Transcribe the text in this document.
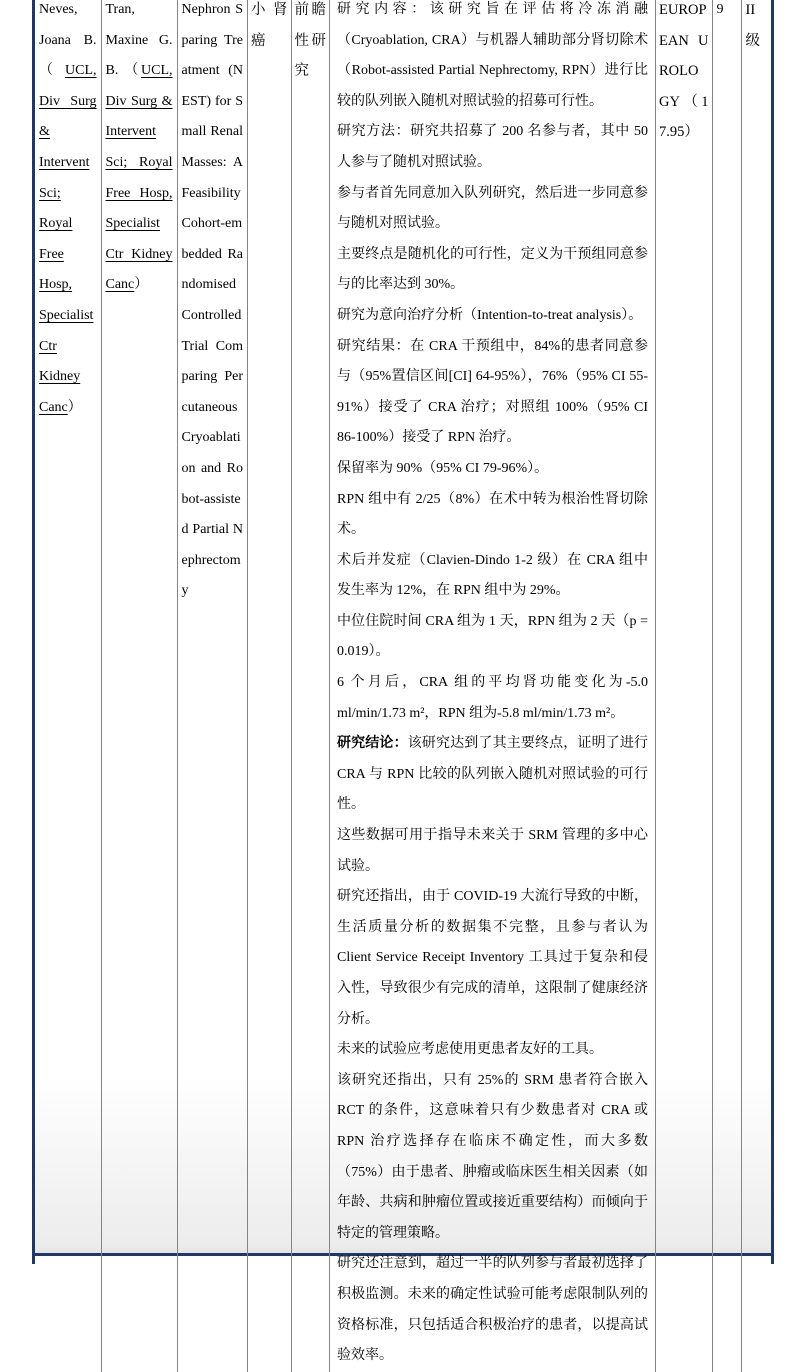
Neves, Joana B. （UCL, Div Surg & Intervent Sci; Royal Free Hosp, Specialist Ctr Kidney Canc）
Tran, Maxine G. B. （UCL, Div Surg & Intervent Sci; Royal Free Hosp, Specialist Ctr Kidney Canc）
Nephron Sparing Treatment (NEST) for Small Renal Masses: A Feasibility Cohort-embedded Randomised Controlled Trial Comparing Percutaneous Cryoablation and Robot-assisted Partial Nephrectomy
小肾癌
前瞻性研究
研究内容：该研究旨在评估将冷冻消融（Cryoablation, CRA）与机器人辅助部分肾切除术（Robot-assisted Partial Nephrectomy, RPN）进行比较的队列嵌入随机对照试验的招募可行性。
研究方法：研究共招募了 200 名参与者，其中 50 人参与了随机对照试验。
参与者首先同意加入队列研究，然后进一步同意参与随机对照试验。
主要终点是随机化的可行性，定义为干预组同意参与的比率达到 30%。
研究为意向治疗分析（Intention-to-treat analysis）。
研究结果：在 CRA 干预组中，84%的患者同意参与（95%置信区间[CI] 64-95%），76%（95% CI 55-91%）接受了 CRA 治疗；对照组 100%（95% CI 86-100%）接受了 RPN 治疗。
保留率为 90%（95% CI 79-96%）。
RPN 组中有 2/25（8%）在术中转为根治性肾切除术。
术后并发症（Clavien-Dindo 1-2 级）在 CRA 组中发生率为 12%，在 RPN 组中为 29%。
中位住院时间 CRA 组为 1 天，RPN 组为 2 天（p = 0.019）。
6 个月后，CRA 组的平均肾功能变化为-5.0 ml/min/1.73 m²，RPN 组为-5.8 ml/min/1.73 m²。
研究结论：该研究达到了其主要终点，证明了进行 CRA 与 RPN 比较的队列嵌入随机对照试验的可行性。
这些数据可用于指导未来关于 SRM 管理的多中心试验。
研究还指出，由于 COVID-19 大流行导致的中断，生活质量分析的数据集不完整，且参与者认为 Client Service Receipt Inventory 工具过于复杂和侵入性，导致很少有完成的清单，这限制了健康经济分析。
未来的试验应考虑使用更患者友好的工具。
该研究还指出，只有 25%的 SRM 患者符合嵌入 RCT 的条件，这意味着只有少数患者对 CRA 或 RPN 治疗选择存在临床不确定性，而大多数（75%）由于患者、肿瘤或临床医生相关因素（如年龄、共病和肿瘤位置或接近重要结构）而倾向于特定的管理策略。
研究还注意到，超过一半的队列参与者最初选择了积极监测。未来的确定性试验可能考虑限制队列的资格标准，只包括适合积极治疗的患者，以提高试验效率。
EUROPEAN UROLOGY（17.95）
9	II 级
